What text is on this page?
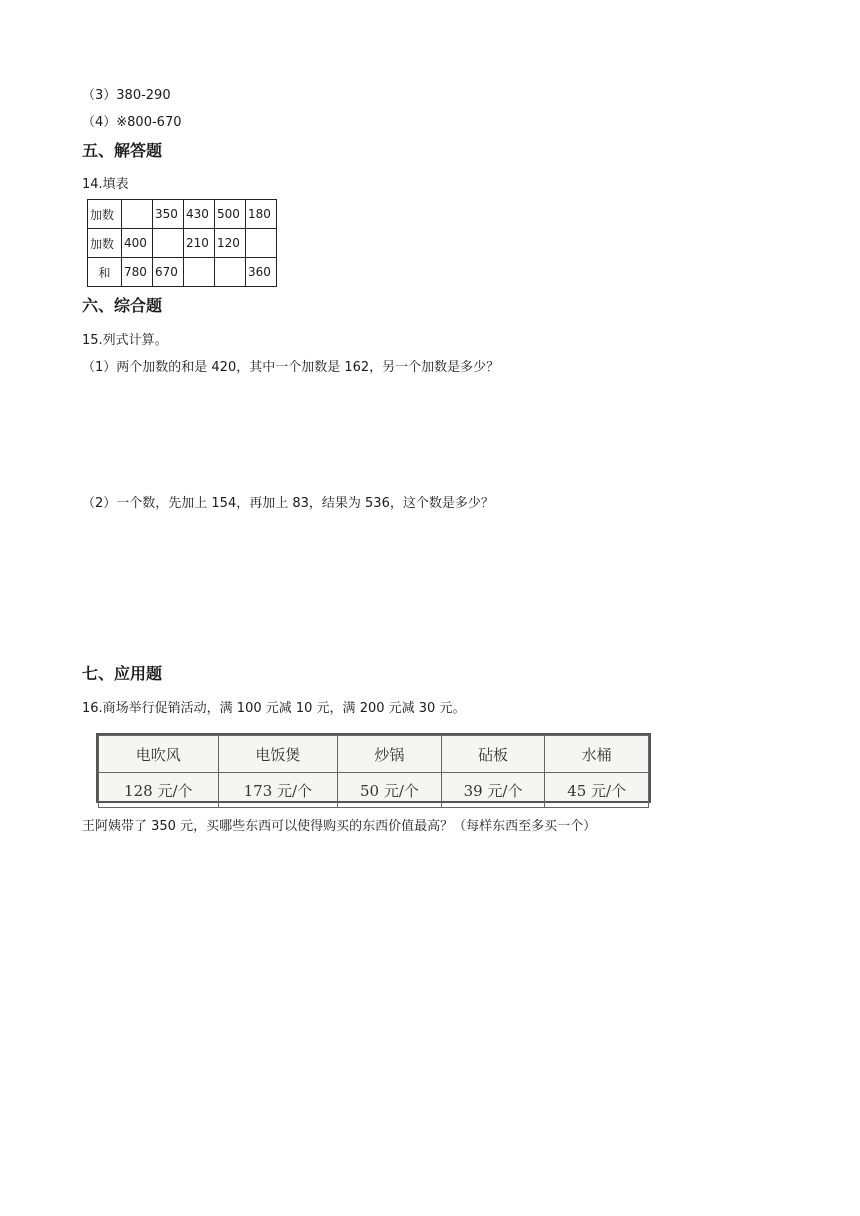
（3）380-290
（4）※800-670
五、解答题
14.填表
加数		350	430	500	180
加数	400		210	120	
和	780	670			360
六、综合题
15.列式计算。
（1）两个加数的和是 420，其中一个加数是 162，另一个加数是多少？
（2）一个数，先加上 154，再加上 83，结果为 536，这个数是多少？
七、应用题
16.商场举行促销活动，满 100 元减 10 元，满 200 元减 30 元。
电吹风	电饭煲	炒锅	砧板	水桶
128 元/个	173 元/个	50 元/个	39 元/个	45 元/个
王阿姨带了 350 元，买哪些东西可以使得购买的东西价值最高？（每样东西至多买一个）
